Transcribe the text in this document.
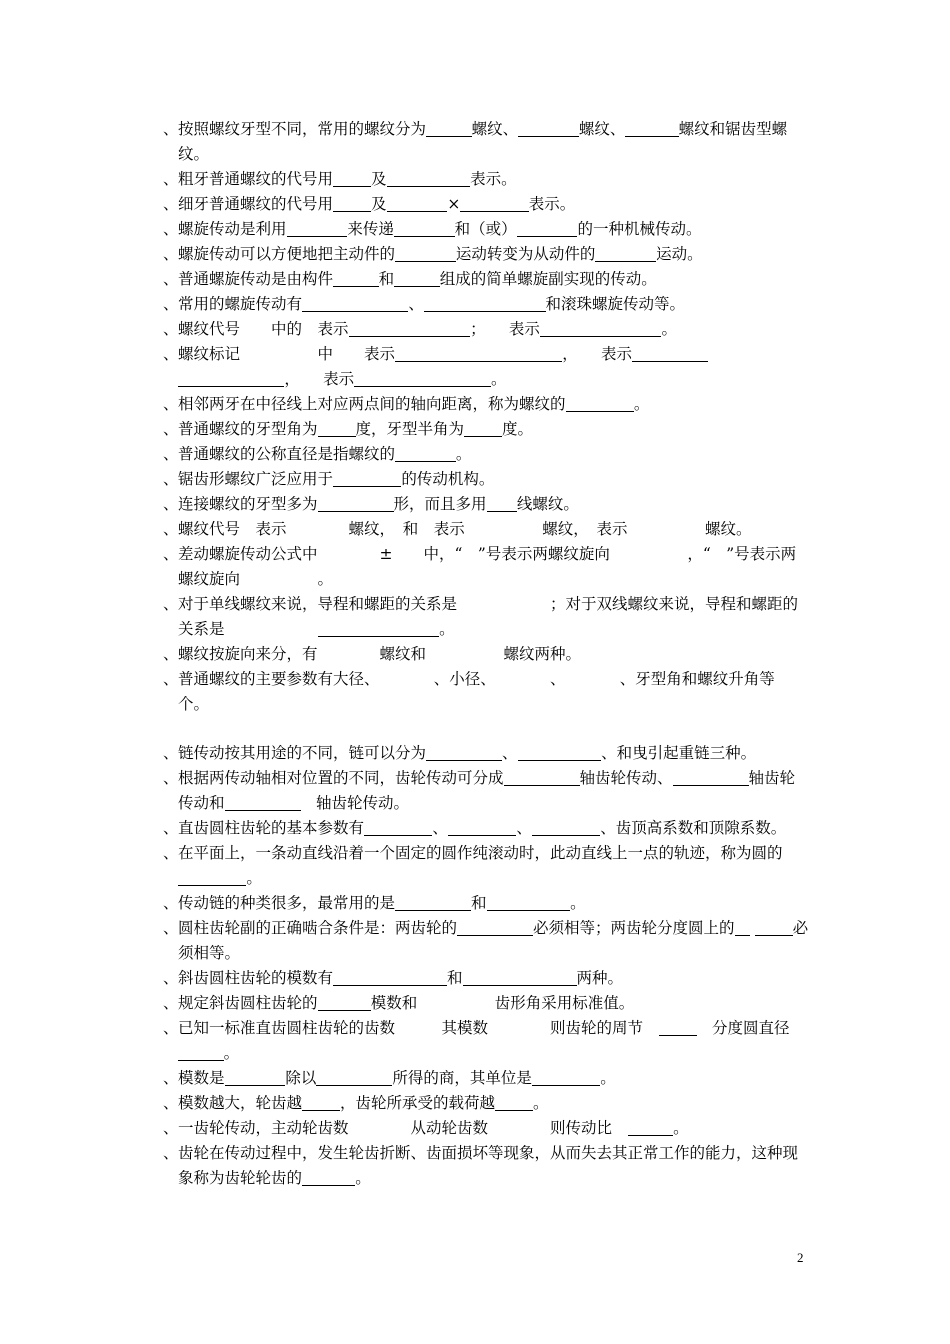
、 按照螺纹牙型不同，常用的螺纹分为	螺纹、	螺纹、	螺纹和锯齿型螺纹。

、 粗牙普通螺纹的代号用 及	表示。

、 细牙普通螺纹的代号用 及	×	表示。

、 螺旋传动是利用	来传递	和（或）	的一种机械传动。

、 螺旋传动可以方便地把主动件的	运动转变为从动件的	运动。

、 普通螺旋传动是由构件	和	组成的简单螺旋副实现的传动。

、 常用的螺旋传动有	、	和滚珠螺旋传动等。

、 螺纹代号　　中的　表示	；　　表示	。

、 螺纹标记　　　　　中　　表示	，　　表示 ，　　表示	。

、 相邻两牙在中径线上对应两点间的轴向距离，称为螺纹的	。

、 普通螺纹的牙型角为 度，牙型半角为 度。

、 普通螺纹的公称直径是指螺纹的	。

、 锯齿形螺纹广泛应用于	的传动机构。

、 连接螺纹的牙型多为	形，而且多用 线螺纹。

、 螺纹代号　表示　　　　螺纹，　和　表示　　　　　螺纹，　表示　　　　　螺纹。

、 差动螺旋传动公式中　　　　±　　中，“　”号表示两螺纹旋向　　　　　，“　”号表示两螺纹旋向　　　　　。

、 对于单线螺纹来说，导程和螺距的关系是　　　　　　；对于双线螺纹来说，导程和螺距的关系是　　　　　　	。

、 螺纹按旋向来分，有　　　　螺纹和　　　　　螺纹两种。

、 普通螺纹的主要参数有大径、　　　　、小径、　　　　、　　　　、牙型角和螺纹升角等　个。

、 链传动按其用途的不同，链可以分为	、	、和曳引起重链三种。

、 根据两传动轴相对位置的不同，齿轮传动可分成	轴齿轮传动、	轴齿轮传动和	　轴齿轮传动。

、 直齿圆柱齿轮的基本参数有	、	、	、齿顶高系数和顶隙系数。

、 在平面上，一条动直线沿着一个固定的圆作纯滚动时，此动直线上一点的轨迹，称为圆的。

、 传动链的种类很多，最常用的是	和	。

、 圆柱齿轮副的正确啮合条件是：两齿轮的	必须相等；两齿轮分度圆上的	必须相等。

、 斜齿圆柱齿轮的模数有	和	两种。

、 规定斜齿圆柱齿轮的	模数和　　　　　齿形角采用标准值。

、 已知一标准直齿圆柱齿轮的齿数　　　其模数　　　　则齿轮的周节　　分度圆直径　　。

、 模数是	除以	所得的商，其单位是	。

、 模数越大，轮齿越 ，齿轮所承受的载荷越 。

、 一齿轮传动，主动轮齿数　　　　从动轮齿数　　　　则传动比　	。

、 齿轮在传动过程中，发生轮齿折断、齿面损坏等现象，从而失去其正常工作的能力，这种现象称为齿轮轮齿的	。

2
